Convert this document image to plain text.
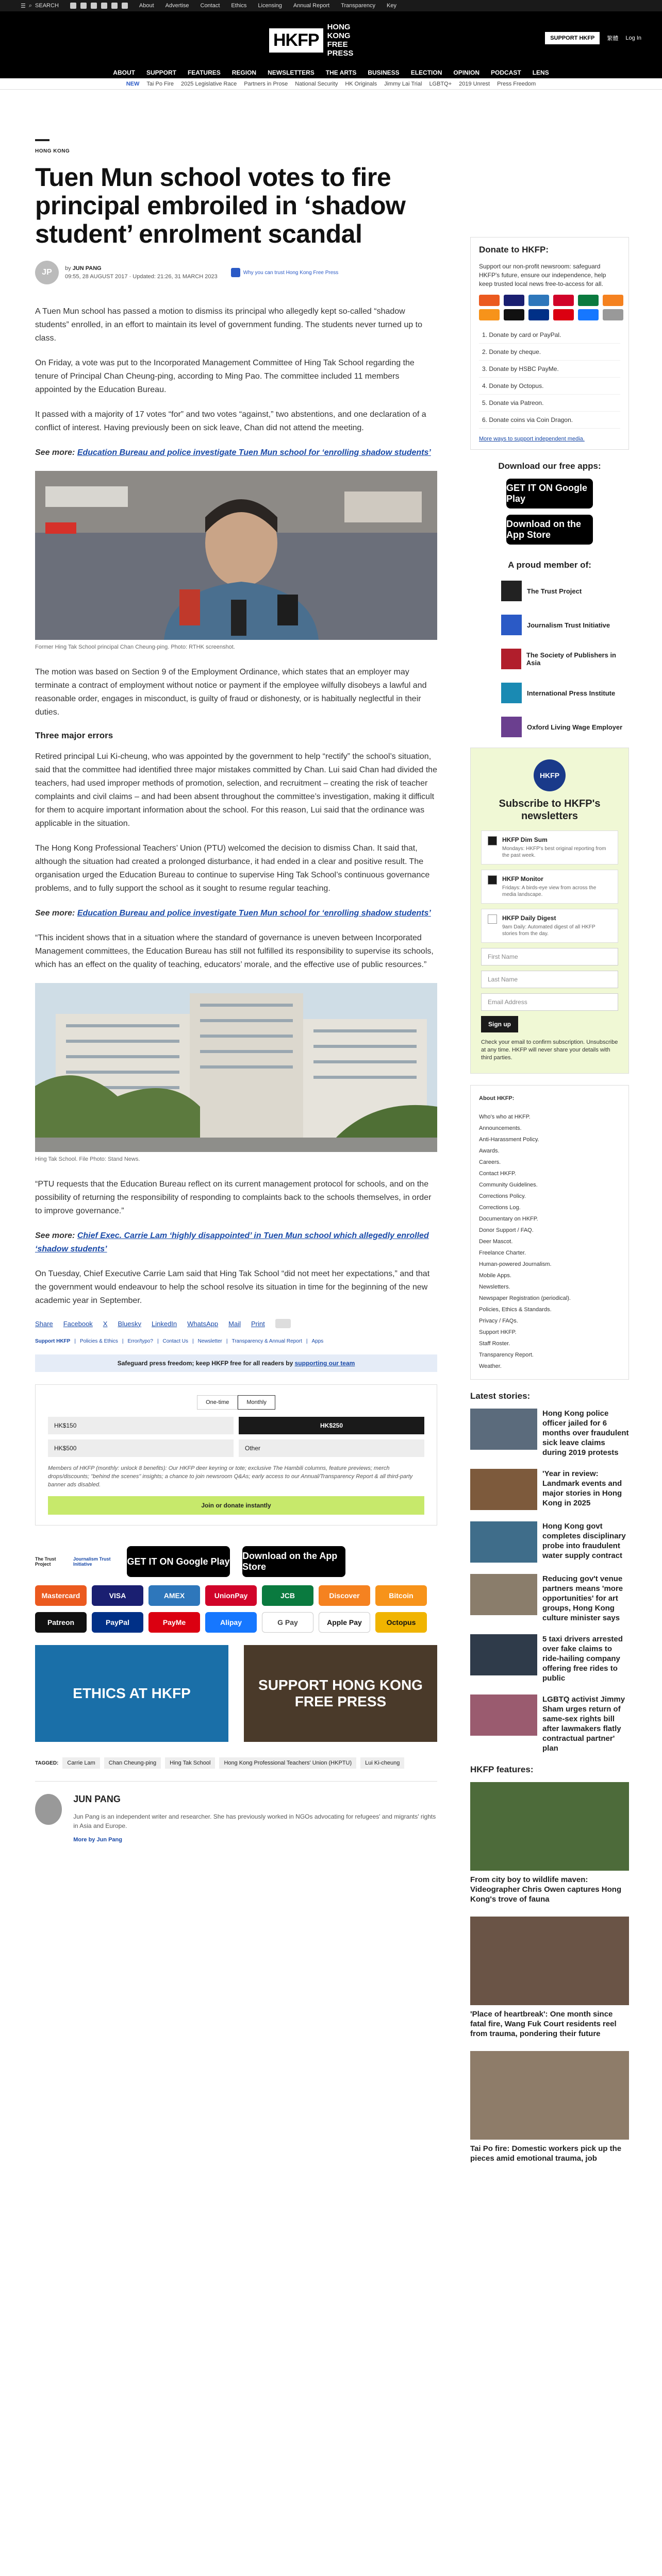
☰ ⌕ SEARCH	About Advertise Contact Ethics Licensing Annual Report Transparency Key
HKFP
HONG KONG FREE PRESS
SUPPORT HKFP	繁體 Log In
ABOUT SUPPORT FEATURES REGION NEWSLETTERS THE ARTS BUSINESS ELECTION OPINION PODCAST LENS
NEW Tai Po Fire 2025 Legislative Race Partners in Prose National Security HK Originals Jimmy Lai Trial LGBTQ+ 2019 Unrest Press Freedom
HONG KONG
Tuen Mun school votes to fire principal embroiled in ‘shadow student’ enrolment scandal
JP	by JUN PANG
09:55, 28 AUGUST 2017 · Updated: 21:26, 31 MARCH 2023
Why you can trust Hong Kong Free Press

A Tuen Mun school has passed a motion to dismiss its principal who allegedly kept so-called “shadow students” enrolled, in an effort to maintain its level of government funding. The students never turned up to class.

On Friday, a vote was put to the Incorporated Management Committee of Hing Tak School regarding the tenure of Principal Chan Cheung-ping, according to Ming Pao. The committee included 11 members appointed by the Education Bureau.

It passed with a majority of 17 votes “for” and two votes “against,” two abstentions, and one declaration of a conflict of interest. Having previously been on sick leave, Chan did not attend the meeting.

See more: Education Bureau and police investigate Tuen Mun school for ‘enrolling shadow students’

Former Hing Tak School principal Chan Cheung-ping. Photo: RTHK screenshot.

The motion was based on Section 9 of the Employment Ordinance, which states that an employer may terminate a contract of employment without notice or payment if the employee wilfully disobeys a lawful and reasonable order, engages in misconduct, is guilty of fraud or dishonesty, or is habitually neglectful in their duties.

Three major errors

Retired principal Lui Ki-cheung, who was appointed by the government to help “rectify” the school’s situation, said that the committee had identified three major mistakes committed by Chan. Lui said Chan had divided the teachers, had used improper methods of promotion, selection, and recruitment – creating the risk of teacher complaints and civil claims – and had been absent throughout the committee’s investigation, making it difficult for them to acquire important information about the school. For this reason, Lui said that the ordinance was applicable in the situation.

The Hong Kong Professional Teachers’ Union (PTU) welcomed the decision to dismiss Chan. It said that, although the situation had created a prolonged disturbance, it had ended in a clear and positive result. The organisation urged the Education Bureau to continue to supervise Hing Tak School’s continuous governance problems, and to fully support the school as it sought to resume regular teaching.

See more: Education Bureau and police investigate Tuen Mun school for ‘enrolling shadow students’

“This incident shows that in a situation where the standard of governance is uneven between Incorporated Management committees, the Education Bureau has still not fulfilled its responsibility to supervise its schools, which has an effect on the quality of teaching, educators’ morale, and the effective use of public resources.”

Hing Tak School. File Photo: Stand News.

“PTU requests that the Education Bureau reflect on its current management protocol for schools, and on the possibility of returning the responsibility of responding to complaints back to the schools themselves, in order to improve governance.”

See more: Chief Exec. Carrie Lam ‘highly disappointed’ in Tuen Mun school which allegedly enrolled ‘shadow students’

On Tuesday, Chief Executive Carrie Lam said that Hing Tak School “did not meet her expectations,” and that the government would endeavour to help the school resolve its situation in time for the beginning of the new academic year in September.

Share Facebook X Bluesky LinkedIn WhatsApp Mail Print
Support HKFP | Policies & Ethics | Error/typo? | Contact Us | Newsletter | Transparency & Annual Report | Apps
Safeguard press freedom; keep HKFP free for all readers by supporting our team
One-time	Monthly
HK$150	HK$250
HK$500	Other
Members of HKFP (monthly: unlock 8 benefits): Our HKFP deer keyring or tote; exclusive The Hambili columns, feature previews; merch drops/discounts; "behind the scenes" insights; a chance to join newsroom Q&As; early access to our Annual/Transparency Report & all third-party banner ads disabled.
Join or donate instantly
The Trust Project
Journalism Trust Initiative	GET IT ON Google Play
Download on the App Store
Mastercard	VISA	AMEX	UnionPay	JCB	Discover	Bitcoin
Patreon	PayPal	PayMe	Alipay	G Pay	Apple Pay	Octopus
ETHICS AT HKFP
SUPPORT HONG KONG FREE PRESS
TAGGED:	Carrie Lam	Chan Cheung-ping	Hing Tak School	Hong Kong Professional Teachers' Union (HKPTU)	Lui Ki-cheung
JUN PANG

Jun Pang is an independent writer and researcher. She has previously worked in NGOs advocating for refugees' and migrants' rights in Asia and Europe.

More by Jun Pang
Donate to HKFP:
Support our non-profit newsroom: safeguard HKFP's future, ensure our independence, help keep trusted local news free-to-access for all.
1. Donate by card or PayPal.
2. Donate by cheque.
3. Donate by HSBC PayMe.
4. Donate by Octopus.
5. Donate via Patreon.
6. Donate coins via Coin Dragon.
More ways to support independent media.
Download our free apps:
GET IT ON Google Play
Download on the App Store
A proud member of:
The Trust Project
Journalism Trust Initiative
The Society of Publishers in Asia
International Press Institute
Oxford Living Wage Employer
HKFP
Subscribe to HKFP's newsletters
HKFP Dim Sum
Mondays: HKFP's best original reporting from the past week.
HKFP Monitor
Fridays: A birds-eye view from across the media landscape.
HKFP Daily Digest
9am Daily: Automated digest of all HKFP stories from the day.
First Name
Last Name
Email Address
Sign up
Check your email to confirm subscription. Unsubscribe at any time. HKFP will never share your details with third parties.
About HKFP:
Who's who at HKFP.
Announcements.
Anti-Harassment Policy.
Awards.
Careers.
Contact HKFP.
Community Guidelines.
Corrections Policy.
Corrections Log.
Documentary on HKFP.
Donor Support / FAQ.
Deer Mascot.
Freelance Charter.
Human-powered Journalism.
Mobile Apps.
Newsletters.
Newspaper Registration (periodical).
Policies, Ethics & Standards.
Privacy / FAQs.
Support HKFP.
Staff Roster.
Transparency Report.
Weather.
Latest stories:
Hong Kong police officer jailed for 6 months over fraudulent sick leave claims during 2019 protests
'Year in review: Landmark events and major stories in Hong Kong in 2025
Hong Kong govt completes disciplinary probe into fraudulent water supply contract
Reducing gov't venue partners means 'more opportunities' for art groups, Hong Kong culture minister says
5 taxi drivers arrested over fake claims to ride-hailing company offering free rides to public
LGBTQ activist Jimmy Sham urges return of same-sex rights bill after lawmakers flatly contractual partner' plan
HKFP features:
From city boy to wildlife maven: Videographer Chris Owen captures Hong Kong's trove of fauna
'Place of heartbreak': One month since fatal fire, Wang Fuk Court residents reel from trauma, pondering their future
Tai Po fire: Domestic workers pick up the pieces amid emotional trauma, job
